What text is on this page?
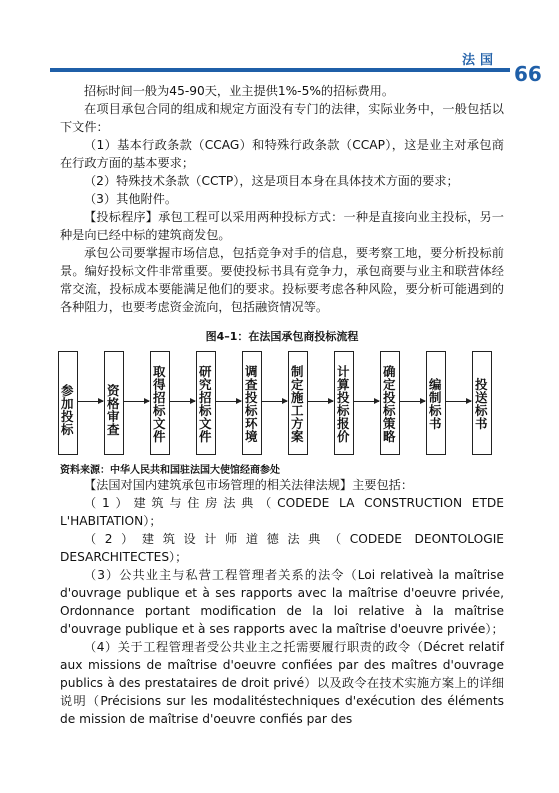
法国
66

招标时间一般为45-90天，业主提供1%-5%的招标费用。

在项目承包合同的组成和规定方面没有专门的法律，实际业务中，一般包括以下文件：

（1）基本行政条款（CCAG）和特殊行政条款（CCAP），这是业主对承包商在行政方面的基本要求；

（2）特殊技术条款（CCTP），这是项目本身在具体技术方面的要求；

（3）其他附件。

【投标程序】承包工程可以采用两种投标方式：一种是直接向业主投标，另一种是向已经中标的建筑商发包。

承包公司要掌握市场信息，包括竞争对手的信息，要考察工地，要分析投标前景。编好投标文件非常重要。要使投标书具有竞争力，承包商要与业主和联营体经常交流，投标成本要能满足他们的要求。投标要考虑各种风险，要分析可能遇到的各种阻力，也要考虑资金流向，包括融资情况等。

图4–1：在法国承包商投标流程
参加投标
资格审查
取得招标文件
研究招标文件
调查投标环境
制定施工方案
计算投标报价
确定投标策略
编制标书
投送标书
资料来源：中华人民共和国驻法国大使馆经商参处

【法国对国内建筑承包市场管理的相关法律法规】主要包括：

（1）建筑与住房法典（CODEDE LA CONSTRUCTION ETDE L'HABITATION）；

（2）建筑设计师道德法典（CODEDE DEONTOLOGIE DESARCHITECTES）；

（3）公共业主与私营工程管理者关系的法令（Loi relativeà la maîtrise d'ouvrage publique et à ses rapports avec la maîtrise d'oeuvre privée, Ordonnance portant modification de la loi relative à la maîtrise d'ouvrage publique et à ses rapports avec la maîtrise d'oeuvre privée）；

（4）关于工程管理者受公共业主之托需要履行职责的政令（Décret relatif aux missions de maîtrise d'oeuvre confiées par des maîtres d'ouvrage publics à des prestataires de droit privé）以及政令在技术实施方案上的详细说明（Précisions sur les modalitéstechniques d'exécution des éléments de mission de maîtrise d'oeuvre confiés par des
